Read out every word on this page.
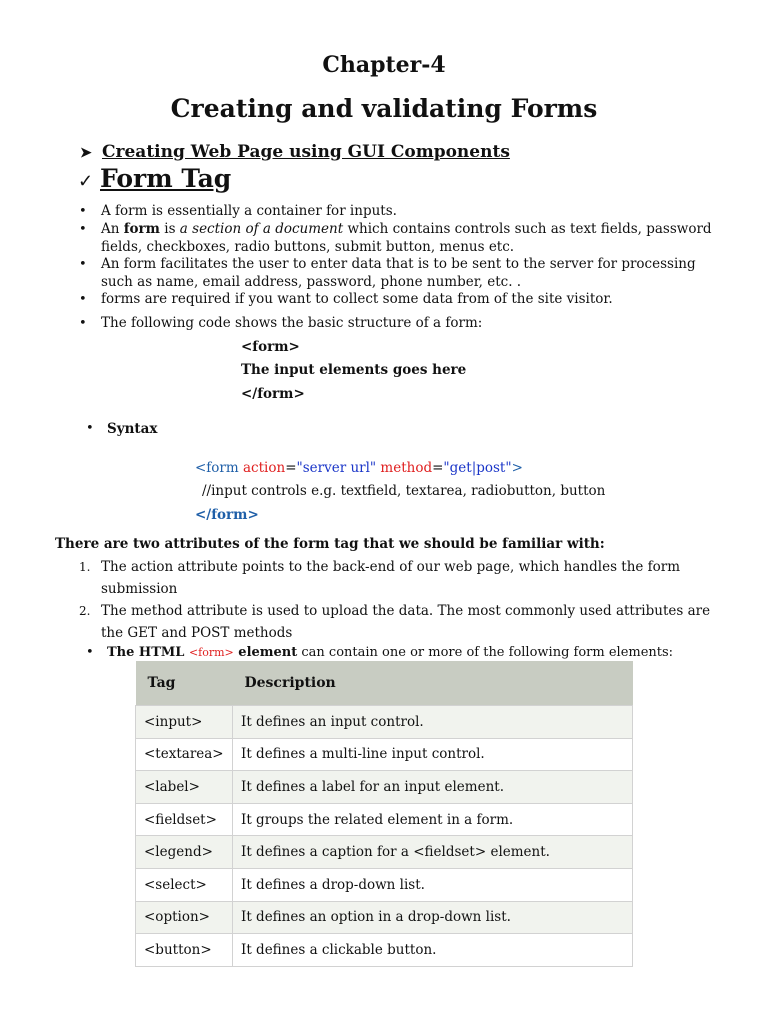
Chapter-4
Creating and validating Forms
➤ Creating Web Page using GUI Components
✓ Form Tag
• A form is essentially a container for inputs.
• An form is a section of a document which contains controls such as text fields, password fields, checkboxes, radio buttons, submit button, menus etc.
• An form facilitates the user to enter data that is to be sent to the server for processing such as name, email address, password, phone number, etc. .
• forms are required if you want to collect some data from of the site visitor.
• The following code shows the basic structure of a form:
<form>
The input elements goes here
</form>
• Syntax
<form action="server url" method="get|post">
//input controls e.g. textfield, textarea, radiobutton, button
</form>
There are two attributes of the form tag that we should be familiar with:
1. The action attribute points to the back-end of our web page, which handles the form submission
2. The method attribute is used to upload the data. The most commonly used attributes are the GET and POST methods
• The HTML <form> element can contain one or more of the following form elements:
Tag	Description
<input>	It defines an input control.
<textarea>	It defines a multi-line input control.
<label>	It defines a label for an input element.
<fieldset>	It groups the related element in a form.
<legend>	It defines a caption for a <fieldset> element.
<select>	It defines a drop-down list.
<option>	It defines an option in a drop-down list.
<button>	It defines a clickable button.
